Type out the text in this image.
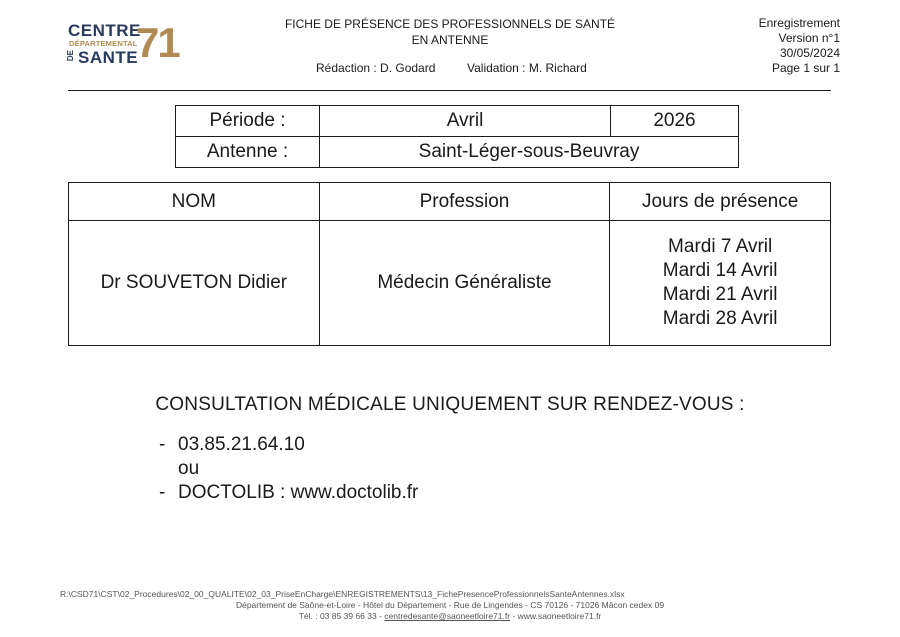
CENTRE
DÉPARTEMENTAL
DE SANTE
71	FICHE DE PRÉSENCE DES PROFESSIONNELS DE SANTÉ
EN ANTENNE
Rédaction : D. Godard	Validation : M. Richard
Enregistrement
Version n°1
30/05/2024
Page 1 sur 1
Période :	Avril	2026
Antenne :	Saint-Léger-sous-Beuvray	
NOM	Profession	Jours de présence
Dr SOUVETON Didier	Médecin Généraliste	Mardi 7 Avril
Mardi 14 Avril
Mardi 21 Avril
Mardi 28 Avril
CONSULTATION MÉDICALE UNIQUEMENT SUR RENDEZ-VOUS :
- 03.85.21.64.10
ou
- DOCTOLIB : www.doctolib.fr
R:\CSD71\CST\02_Procedures\02_00_QUALITE\02_03_PriseEnCharge\ENREGISTREMENTS\13_FichePresenceProfessionnelsSanteAntennes.xlsx
Département de Saône-et-Loire - Hôtel du Département - Rue de Lingendes - CS 70126 - 71026 Mâcon cedex 09
Tél. : 03 85 39 66 33 - centredesante@saoneetloire71.fr - www.saoneetloire71.fr
